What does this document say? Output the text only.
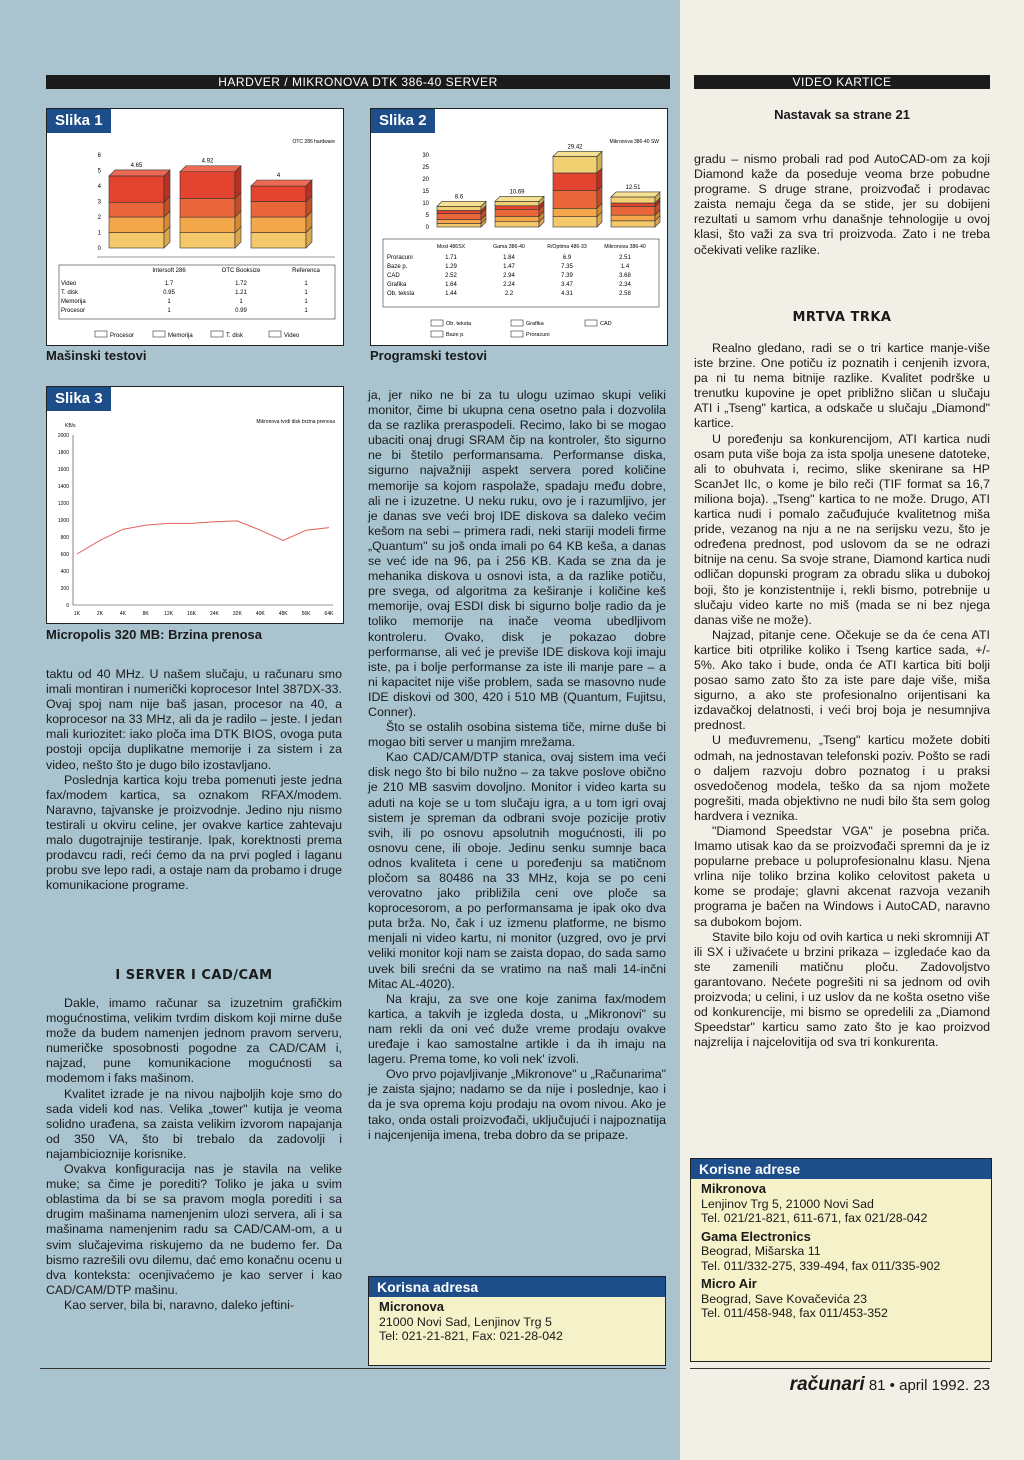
HARDVER / MIKRONOVA DTK 386-40 SERVER	VIDEO KARTICE
Slika 1
OTC 286 hardware
0
1
2
3
4
5
6
4.65
4.92
4
Intersoft 286	OTC Booksize	Referenca
Video	1.7	1.72	1
T. disk	0.95	1.21	1
Memorija	1	1	1
Procesor	1	0.99	1
Procesor	Memorija	T. disk	Video
Mašinski testovi
Slika 2
Mikronova 386-40 SW
0
5
10
15
20
25
30
8.6
10.69
29.42
12.51
Most 486SX	Gama 386-40	R/Optima 486-33	Mikronova 386-40
Proracuni	1.71	1.84	6.9	2.51
Baze p.	1.29	1.47	7.35	1.4
CAD	2.52	2.94	7.39	3.68
Grafika	1.64	2.24	3.47	2.34
Ob. teksta	1.44	2.2	4.31	2.58
Ob. teksta	Grafika	CAD
Baze p.	Proracuni
Programski testovi
Slika 3
Mikronova tvrdi disk brzina prenosa
KB/s
0
200
400
600
800
1000
1200
1400
1600
1800
2000
1K	2K	4K	8K	12K	16K	24K	32K	40K	48K	56K	64K
Micropolis 320 MB: Brzina prenosa

taktu od 40 MHz. U našem slučaju, u računaru smo imali montiran i numerički koprocesor Intel 387DX-33. Ovaj spoj nam nije baš jasan, procesor na 40, a koprocesor na 33 MHz, ali da je radilo – jeste. I jedan mali kuriozitet: iako ploča ima DTK BIOS, ovoga puta postoji opcija duplikatne memorije i za sistem i za video, nešto što je dugo bilo izostavljano.

Poslednja kartica koju treba pomenuti jeste jedna fax/modem kartica, sa oznakom RFAX/modem. Naravno, tajvanske je proizvodnje. Jedino nju nismo testirali u okviru celine, jer ovakve kartice zahtevaju malo dugotrajnije testiranje. Ipak, korektnosti prema prodavcu radi, reći ćemo da na prvi pogled i laganu probu sve lepo radi, a ostaje nam da probamo i druge komunikacione programe.

I SERVER I CAD/CAM

Dakle, imamo računar sa izuzetnim grafičkim mogućnostima, velikim tvrdim diskom koji mirne duše može da budem namenjen jednom pravom serveru, numeričke sposobnosti pogodne za CAD/CAM i, najzad, pune komunikacione mogućnosti sa modemom i faks mašinom.

Kvalitet izrade je na nivou najboljih koje smo do sada videli kod nas. Velika „tower" kutija je veoma solidno urađena, sa zaista velikim izvorom napajanja od 350 VA, što bi trebalo da zadovolji i najambicioznije korisnike.

Ovakva konfiguracija nas je stavila na velike muke; sa čime je porediti? Toliko je jaka u svim oblastima da bi se sa pravom mogla porediti i sa drugim mašinama namenjenim ulozi servera, ali i sa mašinama namenjenim radu sa CAD/CAM-om, a u svim slučajevima riskujemo da ne budemo fer. Da bismo razrešili ovu dilemu, dać emo konačnu ocenu u dva konteksta: ocenjivaćemo je kao server i kao CAD/CAM/DTP mašinu.

Kao server, bila bi, naravno, daleko jeftini-

ja, jer niko ne bi za tu ulogu uzimao skupi veliki monitor, čime bi ukupna cena osetno pala i dozvolila da se razlika preraspodeli. Recimo, lako bi se mogao ubaciti onaj drugi SRAM čip na kontroler, što sigurno ne bi štetilo performansama. Performanse diska, sigurno najvažniji aspekt servera pored količine memorije sa kojom raspolaže, spadaju među dobre, ali ne i izuzetne. U neku ruku, ovo je i razumljivo, jer je danas sve veći broj IDE diskova sa daleko većim kešom na sebi – primera radi, neki stariji modeli firme „Quantum" su još onda imali po 64 KB keša, a danas se već ide na 96, pa i 256 KB. Kada se zna da je mehanika diskova u osnovi ista, a da razlike potiču, pre svega, od algoritma za keširanje i količine keš memorije, ovaj ESDI disk bi sigurno bolje radio da je toliko memorije na inače veoma ubedljivom kontroleru. Ovako, disk je pokazao dobre performanse, ali već je previše IDE diskova koji imaju iste, pa i bolje performanse za iste ili manje pare – a ni kapacitet nije više problem, sada se masovno nude IDE diskovi od 300, 420 i 510 MB (Quantum, Fujitsu, Conner).

Što se ostalih osobina sistema tiče, mirne duše bi mogao biti server u manjim mrežama.

Kao CAD/CAM/DTP stanica, ovaj sistem ima veći disk nego što bi bilo nužno – za takve poslove obično je 210 MB sasvim dovoljno. Monitor i video karta su aduti na koje se u tom slučaju igra, a u tom igri ovaj sistem je spreman da odbrani svoje pozicije protiv svih, ili po osnovu apsolutnih mogućnosti, ili po osnovu cene, ili oboje. Jedinu senku sumnje baca odnos kvaliteta i cene u poređenju sa matičnom pločom sa 80486 na 33 MHz, koja se po ceni verovatno jako približila ceni ove ploče sa koprocesorom, a po performansama je ipak oko dva puta brža. No, čak i uz izmenu platforme, ne bismo menjali ni video kartu, ni monitor (uzgred, ovo je prvi veliki monitor koji nam se zaista dopao, do sada samo uvek bili srećni da se vratimo na naš mali 14-inčni Mitac AL-4020).

Na kraju, za sve one koje zanima fax/modem kartica, a takvih je izgleda dosta, u „Mikronovi" su nam rekli da oni već duže vreme prodaju ovakve uređaje i kao samostalne artikle i da ih imaju na lageru. Prema tome, ko voli nek' izvoli.

Ovo prvo pojavljivanje „Mikronove" u „Računarima" je zaista sjajno; nadamo se da nije i poslednje, kao i da je sva oprema koju prodaju na ovom nivou. Ako je tako, onda ostali proizvođači, uključujući i najpoznatija i najcenjenija imena, treba dobro da se pripaze.

Korisna adresa
Micronova
21000 Novi Sad, Lenjinov Trg 5
Tel: 021-21-821, Fax: 021-28-042
Nastavak sa strane 21

gradu – nismo probali rad pod AutoCAD-om za koji Diamond kaže da poseduje veoma brze pobudne programe. S druge strane, proizvođač i prodavac zaista nemaju čega da se stide, jer su dobijeni rezultati u samom vrhu današnje tehnologije u ovoj klasi, što važi za sva tri proizvoda. Zato i ne treba očekivati velike razlike.

MRTVA TRKA

Realno gledano, radi se o tri kartice manje-više iste brzine. One potiču iz poznatih i cenjenih izvora, pa ni tu nema bitnije razlike. Kvalitet podrške u trenutku kupovine je opet približno sličan u slučaju ATI i „Tseng" kartica, a odskače u slučaju „Diamond" kartice.

U poređenju sa konkurencijom, ATI kartica nudi osam puta više boja za ista spolja unesene datoteke, ali to obuhvata i, recimo, slike skenirane sa HP ScanJet IIc, o kome je bilo reči (TIF format sa 16,7 miliona boja). „Tseng" kartica to ne može. Drugo, ATI kartica nudi i pomalo začuđujuće kvalitetnog miša pride, vezanog na nju a ne na serijsku vezu, što je određena prednost, pod uslovom da se ne odrazi bitnije na cenu. Sa svoje strane, Diamond kartica nudi odličan dopunski program za obradu slika u dubokoj boji, što je konzistentnije i, rekli bismo, potrebnije u slučaju video karte no miš (mada se ni bez njega danas više ne može).

Najzad, pitanje cene. Očekuje se da će cena ATI kartice biti otprilike koliko i Tseng kartice sada, +/- 5%. Ako tako i bude, onda će ATI kartica biti bolji posao samo zato što za iste pare daje više, miša sigurno, a ako ste profesionalno orijentisani ka izdavačkoj delatnosti, i veći broj boja je nesumnjiva prednost.

U međuvremenu, „Tseng" karticu možete dobiti odmah, na jednostavan telefonski poziv. Pošto se radi o dalјem razvoju dobro poznatog i u praksi osvedočenog modela, teško da sa njom možete pogrešiti, mada objektivno ne nudi bilo šta sem golog hardvera i veznika.

"Diamond Speedstar VGA" je posebna priča. Imamo utisak kao da se proizvođači spremni da je iz popularne prebace u poluprofesionalnu klasu. Njena vrlina nije toliko brzina koliko celovitost paketa u kome se prodaje; glavni akcenat razvoja vezanih programa je bačen na Windows i AutoCAD, naravno sa dubokom bojom.

Stavite bilo koju od ovih kartica u neki skromniji AT ili SX i uživaćete u brzini prikaza – izgledaće kao da ste zamenili matičnu ploču. Zadovoljstvo garantovano. Nećete pogrešiti ni sa jednom od ovih proizvoda; u celini, i uz uslov da ne košta osetno više od konkurencije, mi bismo se opredelili za „Diamond Speedstar" karticu samo zato što je kao proizvod najzrelija i najcelovitija od sva tri konkurenta.

Korisne adrese
Mikronova
Lenjinov Trg 5, 21000 Novi Sad
Tel. 021/21-821, 611-671, fax 021/28-042
Gama Electronics
Beograd, Mišarska 11
Tel. 011/332-275, 339-494, fax 011/335-902
Micro Air
Beograd, Save Kovačevića 23
Tel. 011/458-948, fax 011/453-352
računari 81 • april 1992. 23
